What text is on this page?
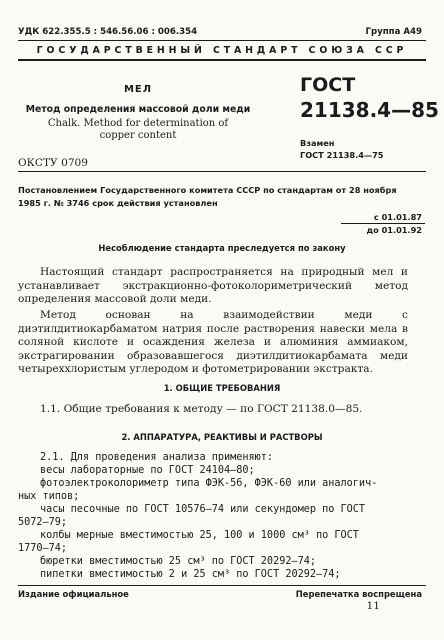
УДК 622.355.5 : 546.56.06 : 006.354	Группа А49
ГОСУДАРСТВЕННЫЙ СТАНДАРТ СОЮЗА ССР
МЕЛ
Метод определения массовой доли меди
Chalk. Method for determination of
copper content
ГОСТ
21138.4—85
Взамен
ГОСТ 21138.4—75
ОКСТУ 0709
Постановлением Государственного комитета СССР по стандартам от 28 ноября
1985 г. № 3746 срок действия установлен
с 01.01.87
до 01.01.92
Несоблюдение стандарта преследуется по закону

Настоящий стандарт распространяется на природный мел и устанавливает экстракционно-фотоколориметрический метод определения массовой доли меди.

Метод основан на взаимодействии меди с диэтилдитиокарбаматом натрия после растворения навески мела в соляной кислоте и осаждения железа и алюминия аммиаком, экстрагировании образовавшегося диэтилдитиокарбамата меди четыреххлористым углеродом и фотометрировании экстракта.

1. ОБЩИЕ ТРЕБОВАНИЯ
1.1. Общие требования к методу — по ГОСТ 21138.0—85.
2. АППАРАТУРА, РЕАКТИВЫ И РАСТВОРЫ
2.1. Для проведения анализа применяют:
весы лабораторные по ГОСТ 24104—80;
фотоэлектроколориметр типа ФЭК-56, ФЭК-60 или аналогич-
ных типов;
часы песочные по ГОСТ 10576—74 или секундомер по ГОСТ
5072—79;
колбы мерные вместимостью 25, 100 и 1000 см³ по ГОСТ
1770—74;
бюретки вместимостью 25 см³ по ГОСТ 20292—74;
пипетки вместимостью 2 и 25 см³ по ГОСТ 20292—74;
Издание официальное	Перепечатка воспрещена
11
